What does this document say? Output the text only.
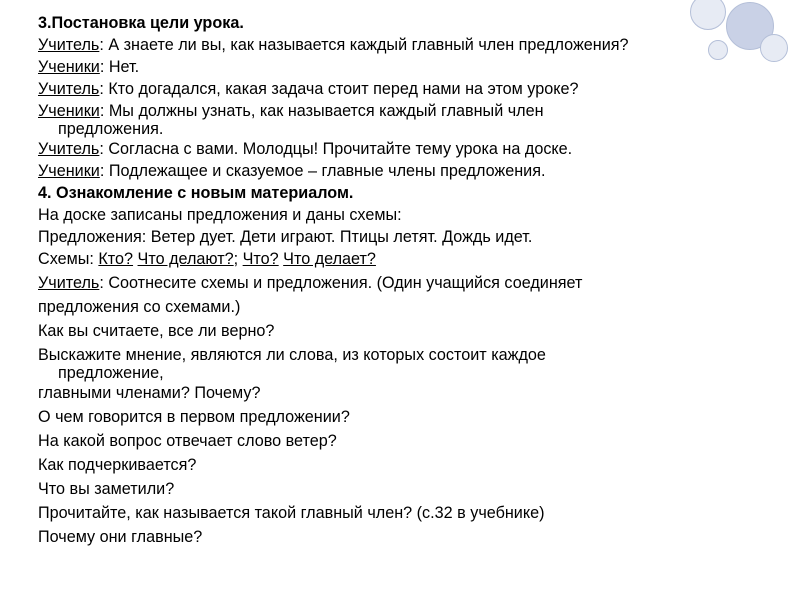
3.Постановка цели урока.
Учитель: А знаете ли вы, как называется каждый главный член предложения?
Ученики: Нет.
Учитель: Кто догадался, какая задача стоит перед нами на этом уроке?
Ученики: Мы должны узнать, как называется каждый главный член
предложения.
Учитель: Согласна с вами. Молодцы! Прочитайте тему урока на доске.
Ученики: Подлежащее и сказуемое – главные члены предложения.
4. Ознакомление с новым материалом.
На доске записаны предложения и даны схемы:
Предложения: Ветер дует. Дети играют. Птицы летят. Дождь идет.
Схемы: Кто? Что делают?; Что? Что делает?
Учитель: Соотнесите схемы и предложения. (Один учащийся соединяет
предложения со схемами.)
Как вы считаете, все ли верно?
Выскажите мнение, являются ли слова, из которых состоит каждое
предложение,
главными членами? Почему?
О чем говорится в первом предложении?
На какой вопрос отвечает слово ветер?
Как подчеркивается?
Что вы заметили?
Прочитайте, как называется такой главный член? (с.32 в учебнике)
Почему они главные?
